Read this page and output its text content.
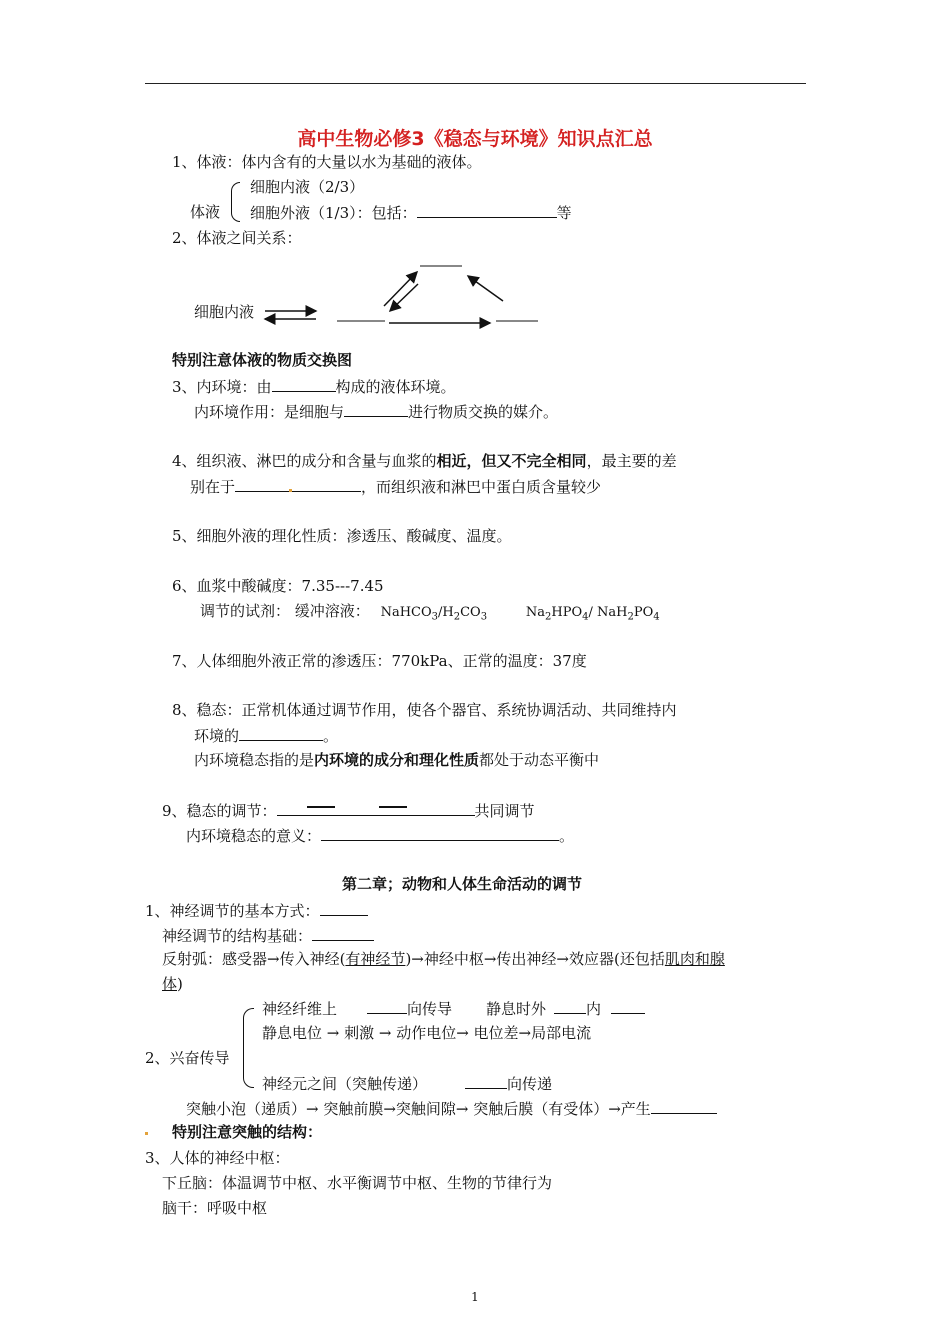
高中生物必修3《稳态与环境》知识点汇总
1、体液：体内含有的大量以水为基础的液体。
细胞内液（2/3）
体液 细胞外液（1/3）：包括：	等
2、体液之间关系：
细胞内液
特别注意体液的物质交换图
3、内环境：由	构成的液体环境。
内环境作用：是细胞与	进行物质交换的媒介。
4、组织液、淋巴的成分和含量与血浆的相近，但又不完全相同，最主要的差
别在于	，而组织液和淋巴中蛋白质含量较少
5、细胞外液的理化性质：渗透压、酸碱度、温度。
6、血浆中酸碱度：7.35---7.45
调节的试剂： 缓冲溶液： $NaHCO_3/H_2CO_3$	$Na_2HPO_4/$ $NaH_2PO_4$
7、人体细胞外液正常的渗透压：770kPa、正常的温度：37度
8、稳态：正常机体通过调节作用，使各个器官、系统协调活动、共同维持内
环境的	。
内环境稳态指的是内环境的成分和理化性质都处于动态平衡中
9、稳态的调节：	共同调节
内环境稳态的意义：	。
第二章；动物和人体生命活动的调节
1、神经调节的基本方式：
神经调节的结构基础：
反射弧：感受器→传入神经(有神经节)→神经中枢→传出神经→效应器(还包括肌肉和腺
体)
神经纤维上	向传导 静息时外	内
静息电位 → 刺激 → 动作电位→ 电位差→局部电流
2、兴奋传导
神经元之间（突触传递）	向传递
突触小泡（递质）→ 突触前膜→突触间隙→ 突触后膜（有受体）→产生
特别注意突触的结构：
3、人体的神经中枢：
下丘脑：体温调节中枢、水平衡调节中枢、生物的节律行为
脑干：呼吸中枢
1
